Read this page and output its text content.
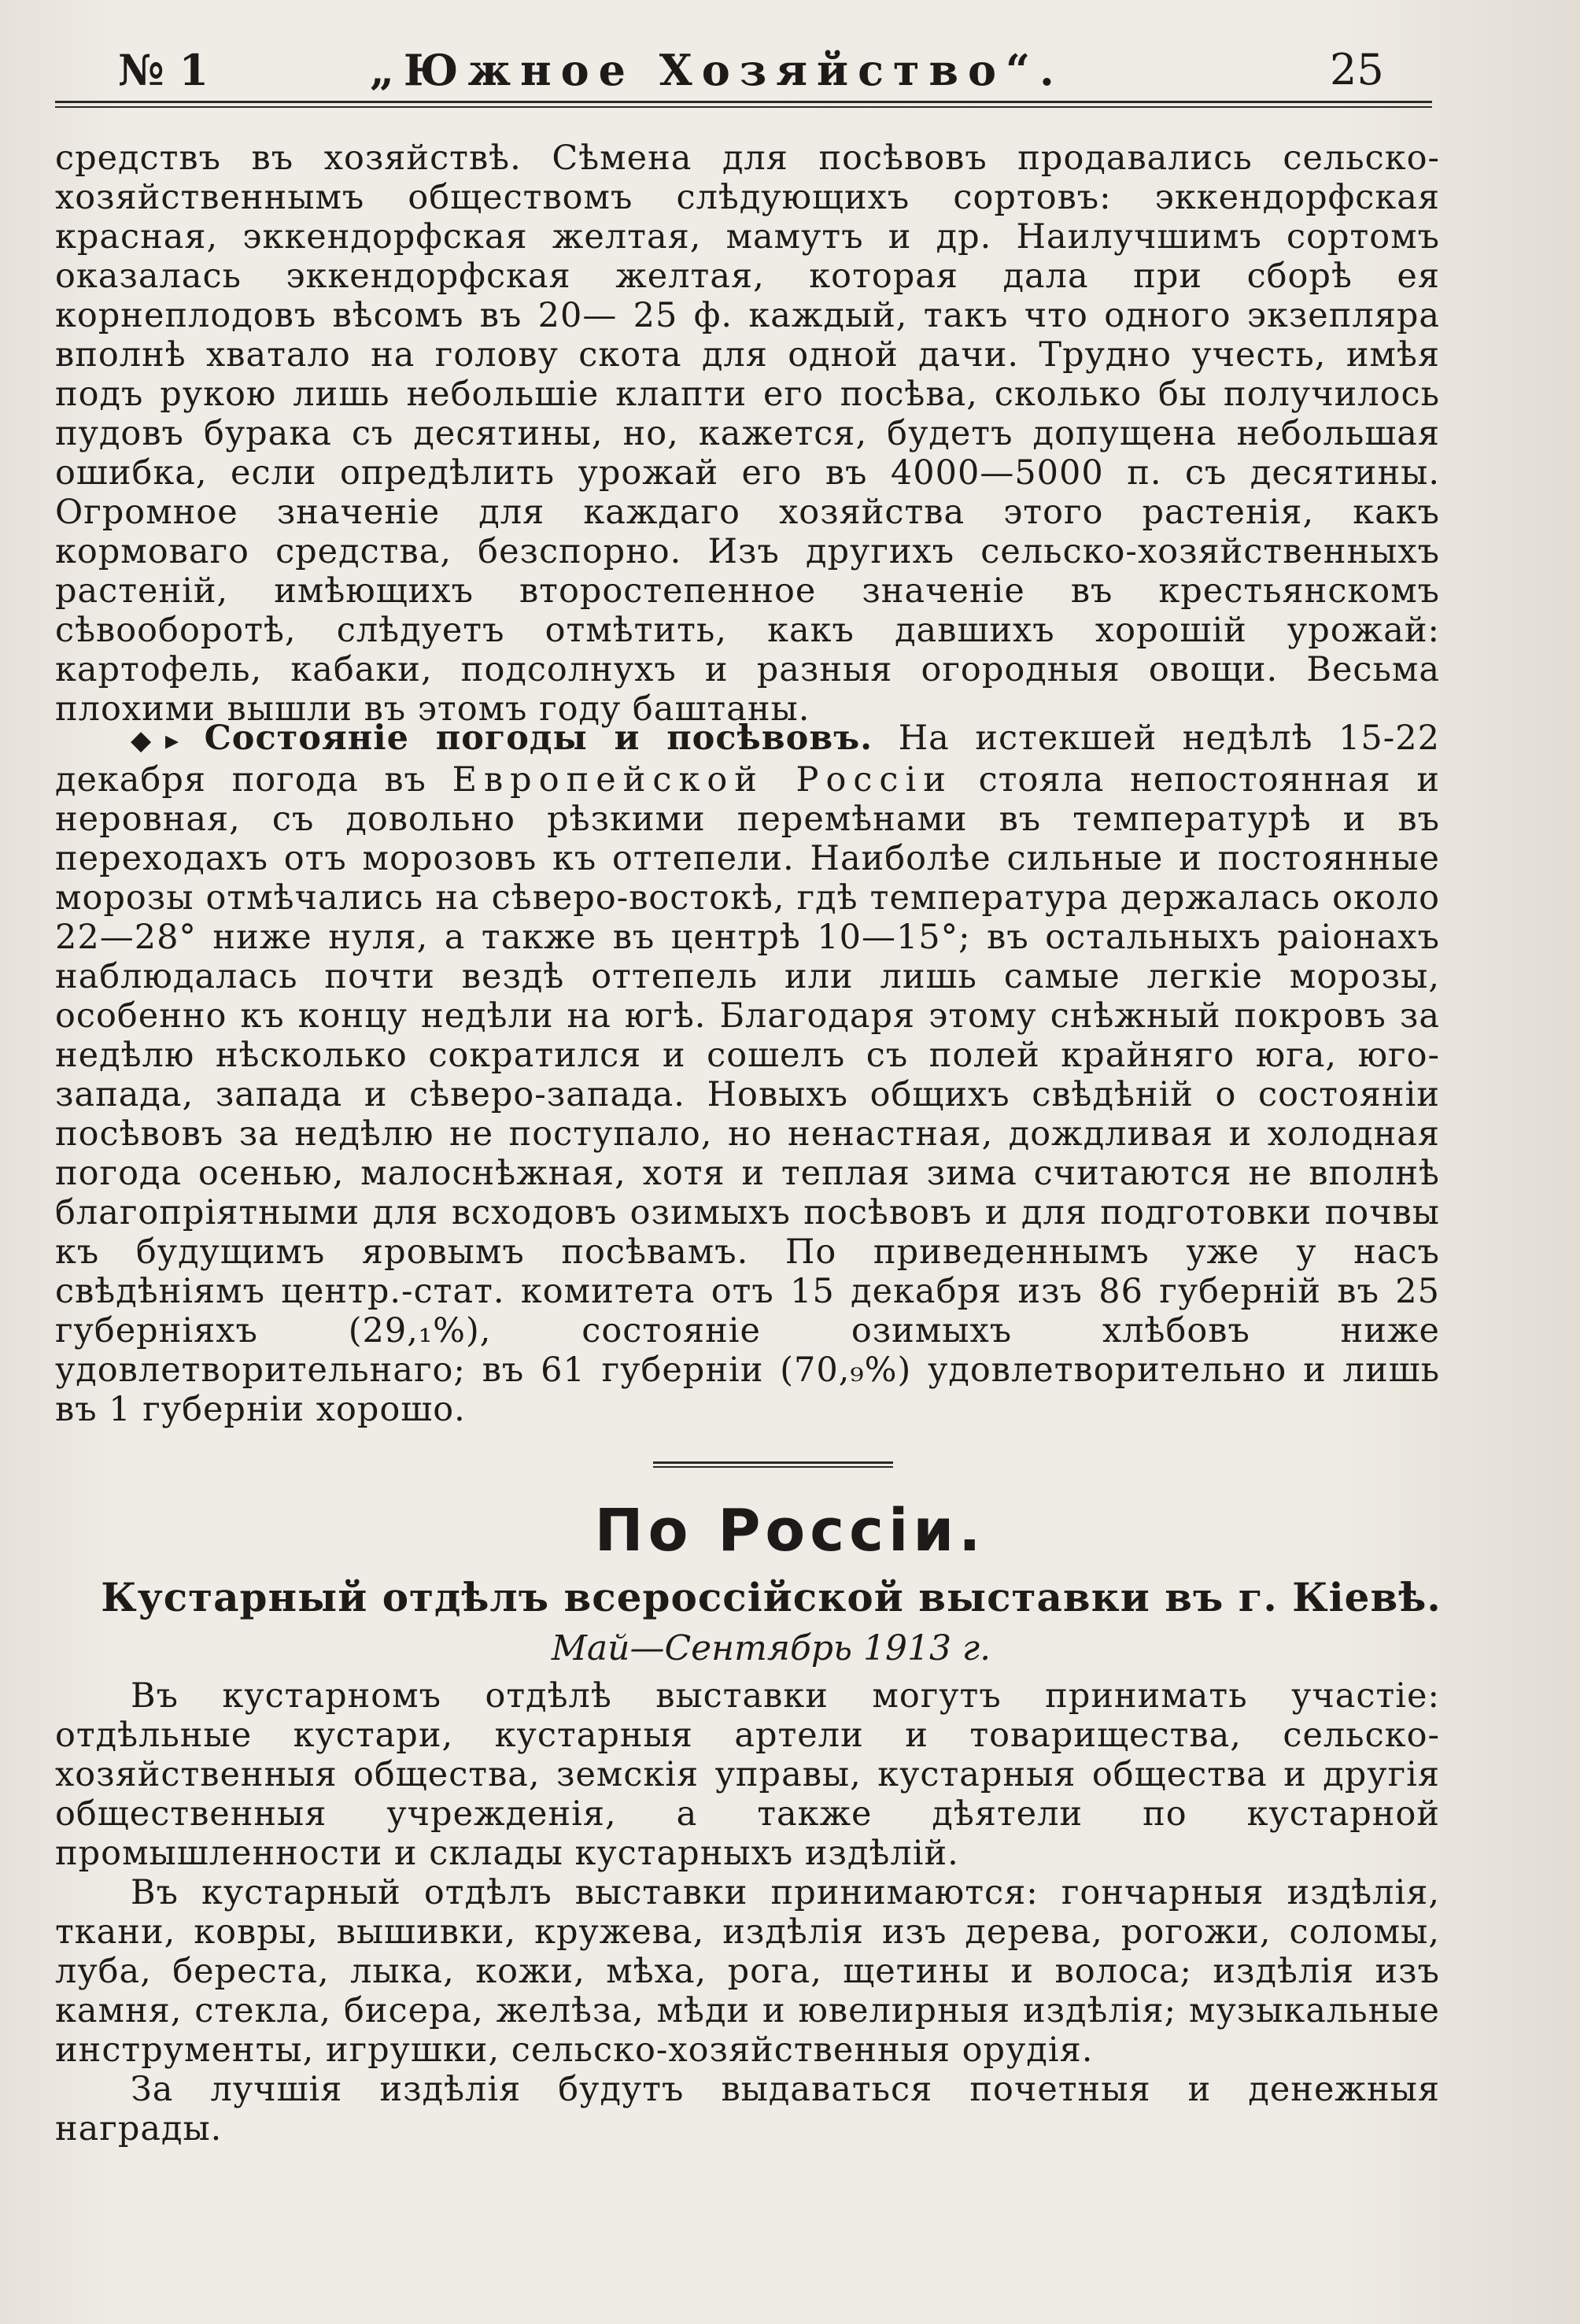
№ 1	„Южное Хозяйство“.	25

средствъ въ хозяйствѣ. Сѣмена для посѣвовъ продавались сельско-хозяйственнымъ обществомъ слѣдующихъ сортовъ: эккендорфская красная, эккендорфская желтая, мамутъ и др. Наилучшимъ сортомъ оказалась эккендорфская желтая, которая дала при сборѣ ея корнеплодовъ вѣсомъ въ 20— 25 ф. каждый, такъ что одного экзепляра вполнѣ хватало на голову скота для одной дачи. Трудно учесть, имѣя подъ рукою лишь небольшіе клапти его посѣва, сколько бы получилось пудовъ бурака съ десятины, но, кажется, будетъ допущена небольшая ошибка, если опредѣлить урожай его въ 4000—5000 п. съ десятины. Огромное значеніе для каждаго хозяйства этого растенія, какъ кормоваго средства, безспорно. Изъ другихъ сельско-хозяйственныхъ растеній, имѣющихъ второстепенное значеніе въ крестьянскомъ сѣвооборотѣ, слѣдуетъ отмѣтить, какъ давшихъ хорошій урожай: картофель, кабаки, подсолнухъ и разныя огородныя овощи. Весьма плохими вышли въ этомъ году баштаны.

◆▸ Состояніе погоды и посѣвовъ. На истекшей недѣлѣ 15-22 декабря погода въ Европейской Россіи стояла непостоянная и неровная, съ довольно рѣзкими перемѣнами въ температурѣ и въ переходахъ отъ морозовъ къ оттепели. Наиболѣе сильные и постоянные морозы отмѣчались на сѣверо-востокѣ, гдѣ температура держалась около 22—28° ниже нуля, а также въ центрѣ 10—15°; въ остальныхъ раіонахъ наблюдалась почти вездѣ оттепель или лишь самые легкіе морозы, особенно къ концу недѣли на югѣ. Благодаря этому снѣжный покровъ за недѣлю нѣсколько сократился и сошелъ съ полей крайняго юга, юго-запада, запада и сѣверо-запада. Новыхъ общихъ свѣдѣній о состояніи посѣвовъ за недѣлю не поступало, но ненастная, дождливая и холодная погода осенью, малоснѣжная, хотя и теплая зима считаются не вполнѣ благопріятными для всходовъ озимыхъ посѣвовъ и для подготовки почвы къ будущимъ яровымъ посѣвамъ. По приведеннымъ уже у насъ свѣдѣніямъ центр.-стат. комитета отъ 15 декабря изъ 86 губерній въ 25 губерніяхъ (29,₁%), состояніе озимыхъ хлѣбовъ ниже удовлетворительнаго; въ 61 губерніи (70,₉%) удовлетворительно и лишь въ 1 губерніи хорошо.

По Россіи.
Кустарный отдѣлъ всероссійской выставки въ г. Кіевѣ.
Май—Сентябрь 1913 г.

Въ кустарномъ отдѣлѣ выставки могутъ принимать участіе: отдѣльные кустари, кустарныя артели и товарищества, сельско-хозяйственныя общества, земскія управы, кустарныя общества и другія общественныя учрежденія, а также дѣятели по кустарной промышленности и склады кустарныхъ издѣлій.

Въ кустарный отдѣлъ выставки принимаются: гончарныя издѣлія, ткани, ковры, вышивки, кружева, издѣлія изъ дерева, рогожи, соломы, луба, береста, лыка, кожи, мѣха, рога, щетины и волоса; издѣлія изъ камня, стекла, бисера, желѣза, мѣди и ювелирныя издѣлія; музыкальные инструменты, игрушки, сельско-хозяйственныя орудія.

За лучшія издѣлія будутъ выдаваться почетныя и денежныя награды.
